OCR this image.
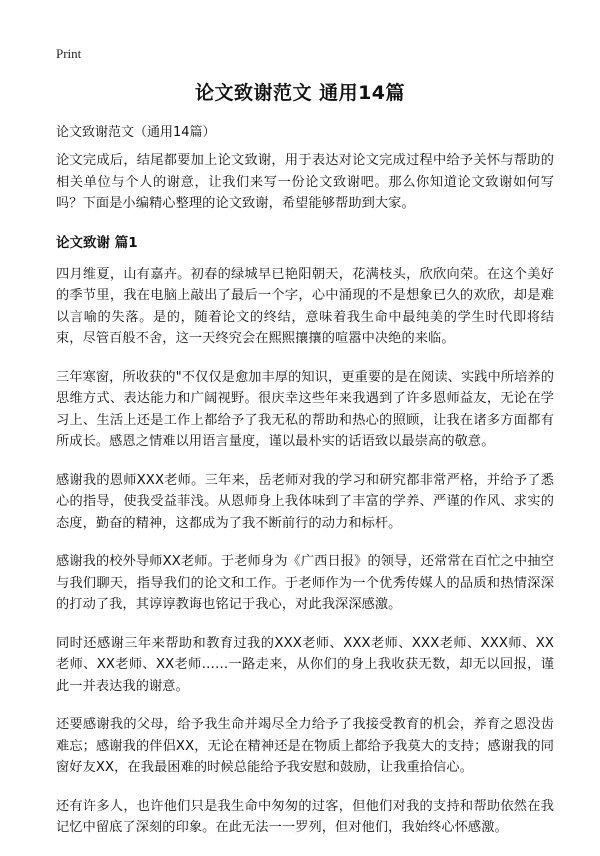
Print
论文致谢范文 通用14篇
论文致谢范文（通用14篇）

论文完成后，结尾都要加上论文致谢，用于表达对论文完成过程中给予关怀与帮助的相关单位与个人的谢意，让我们来写一份论文致谢吧。那么你知道论文致谢如何写吗？下面是小编精心整理的论文致谢，希望能够帮助到大家。

论文致谢 篇1

四月维夏，山有嘉卉。初春的绿城早已艳阳朝天，花满枝头，欣欣向荣。在这个美好的季节里，我在电脑上敲出了最后一个字，心中涌现的不是想象已久的欢欣，却是难以言喻的失落。是的，随着论文的终结，意味着我生命中最纯美的学生时代即将结束，尽管百般不舍，这一天终究会在熙熙攘攘的喧嚣中决绝的来临。

三年寒窗，所收获的"不仅仅是愈加丰厚的知识，更重要的是在阅读、实践中所培养的思维方式、表达能力和广阔视野。很庆幸这些年来我遇到了许多恩师益友，无论在学习上、生活上还是工作上都给予了我无私的帮助和热心的照顾，让我在诸多方面都有所成长。感恩之情难以用语言量度，谨以最朴实的话语致以最崇高的敬意。

感谢我的恩师XXX老师。三年来，岳老师对我的学习和研究都非常严格，并给予了悉心的指导，使我受益菲浅。从恩师身上我体味到了丰富的学养、严谨的作风、求实的态度，勤奋的精神，这都成为了我不断前行的动力和标杆。

感谢我的校外导师XX老师。于老师身为《广西日报》的领导，还常常在百忙之中抽空与我们聊天，指导我们的论文和工作。于老师作为一个优秀传媒人的品质和热情深深的打动了我，其谆谆教诲也铭记于我心，对此我深深感激。

同时还感谢三年来帮助和教育过我的XXX老师、XXX老师、XXX老师、XXX师、XX老师、XX老师、XX老师……一路走来，从你们的身上我收获无数，却无以回报，谨此一并表达我的谢意。

还要感谢我的父母，给予我生命并竭尽全力给予了我接受教育的机会，养育之恩没齿难忘；感谢我的伴侣XX，无论在精神还是在物质上都给予我莫大的支持；感谢我的同窗好友XX，在我最困难的时候总能给予我安慰和鼓励，让我重拾信心。

还有许多人，也许他们只是我生命中匆匆的过客，但他们对我的支持和帮助依然在我记忆中留底了深刻的印象。在此无法一一罗列，但对他们，我始终心怀感激。
